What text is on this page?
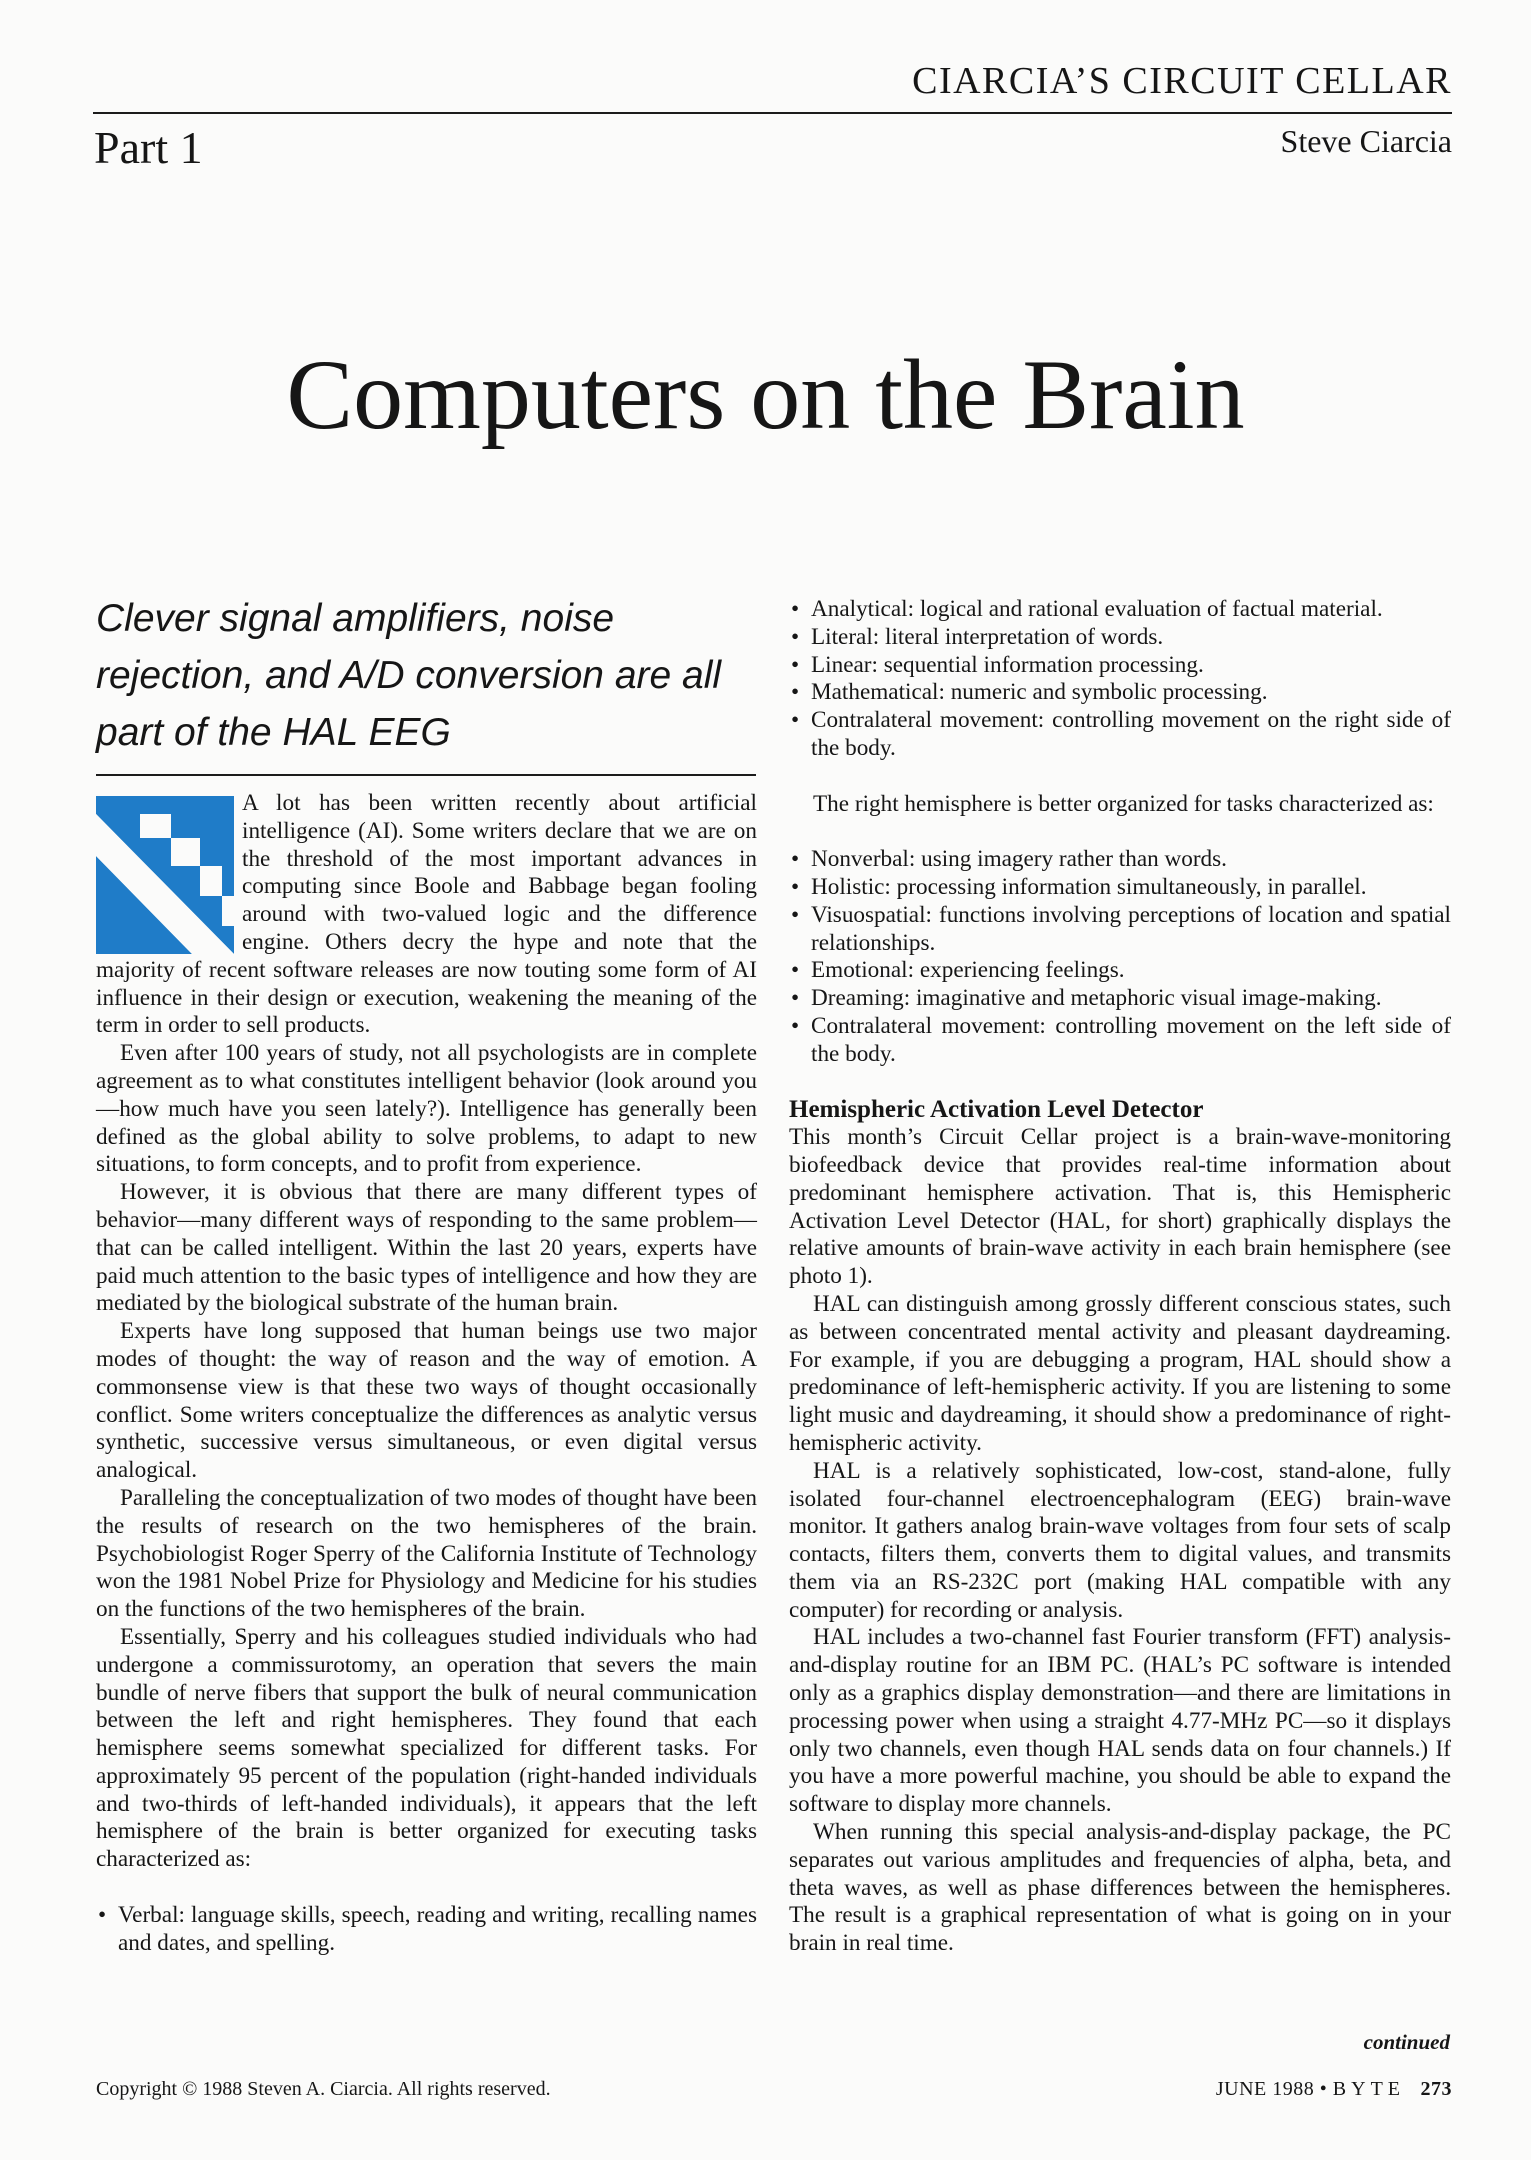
CIARCIA’S CIRCUIT CELLAR
Part 1	Steve Ciarcia
Computers on the Brain
Clever signal amplifiers, noise rejection, and A/D conversion are all part of the HAL EEG

A lot has been written recently about artificial intelligence (AI). Some writers declare that we are on the threshold of the most important advances in computing since Boole and Babbage began fooling around with two-valued logic and the difference engine. Others decry the hype and note that the majority of recent software releases are now touting some form of AI influence in their design or execution, weakening the meaning of the term in order to sell products.

Even after 100 years of study, not all psychologists are in complete agreement as to what constitutes intelligent behavior (look around you—how much have you seen lately?). Intelligence has generally been defined as the global ability to solve problems, to adapt to new situations, to form concepts, and to profit from experience.

However, it is obvious that there are many different types of behavior—many different ways of responding to the same problem—that can be called intelligent. Within the last 20 years, experts have paid much attention to the basic types of intelligence and how they are mediated by the biological substrate of the human brain.

Experts have long supposed that human beings use two major modes of thought: the way of reason and the way of emotion. A commonsense view is that these two ways of thought occasionally conflict. Some writers conceptualize the differences as analytic versus synthetic, successive versus simultaneous, or even digital versus analogical.

Paralleling the conceptualization of two modes of thought have been the results of research on the two hemispheres of the brain. Psychobiologist Roger Sperry of the California Institute of Technology won the 1981 Nobel Prize for Physiology and Medicine for his studies on the functions of the two hemispheres of the brain.

Essentially, Sperry and his colleagues studied individuals who had undergone a commissurotomy, an operation that severs the main bundle of nerve fibers that support the bulk of neural communication between the left and right hemispheres. They found that each hemisphere seems somewhat specialized for different tasks. For approximately 95 percent of the population (right-handed individuals and two-thirds of left-handed individuals), it appears that the left hemisphere of the brain is better organized for executing tasks characterized as:

• Verbal: language skills, speech, reading and writing, recalling names and dates, and spelling.
• Analytical: logical and rational evaluation of factual material.
• Literal: literal interpretation of words.
• Linear: sequential information processing.
• Mathematical: numeric and symbolic processing.
• Contralateral movement: controlling movement on the right side of the body.

The right hemisphere is better organized for tasks characterized as:

• Nonverbal: using imagery rather than words.
• Holistic: processing information simultaneously, in parallel.
• Visuospatial: functions involving perceptions of location and spatial relationships.
• Emotional: experiencing feelings.
• Dreaming: imaginative and metaphoric visual image-making.
• Contralateral movement: controlling movement on the left side of the body.
Hemispheric Activation Level Detector

This month’s Circuit Cellar project is a brain-wave-monitoring biofeedback device that provides real-time information about predominant hemisphere activation. That is, this Hemispheric Activation Level Detector (HAL, for short) graphically displays the relative amounts of brain-wave activity in each brain hemisphere (see photo 1).

HAL can distinguish among grossly different conscious states, such as between concentrated mental activity and pleasant daydreaming. For example, if you are debugging a program, HAL should show a predominance of left-hemispheric activity. If you are listening to some light music and daydreaming, it should show a predominance of right-hemispheric activity.

HAL is a relatively sophisticated, low-cost, stand-alone, fully isolated four-channel electroencephalogram (EEG) brain-wave monitor. It gathers analog brain-wave voltages from four sets of scalp contacts, filters them, converts them to digital values, and transmits them via an RS-232C port (making HAL compatible with any computer) for recording or analysis.

HAL includes a two-channel fast Fourier transform (FFT) analysis-and-display routine for an IBM PC. (HAL’s PC software is intended only as a graphics display demonstration—and there are limitations in processing power when using a straight 4.77-MHz PC—so it displays only two channels, even though HAL sends data on four channels.) If you have a more powerful machine, you should be able to expand the software to display more channels.

When running this special analysis-and-display package, the PC separates out various amplitudes and frequencies of alpha, beta, and theta waves, as well as phase differences between the hemispheres. The result is a graphical representation of what is going on in your brain in real time.

continued
Copyright © 1988 Steven A. Ciarcia. All rights reserved.	JUNE 1988 • BYTE 273
